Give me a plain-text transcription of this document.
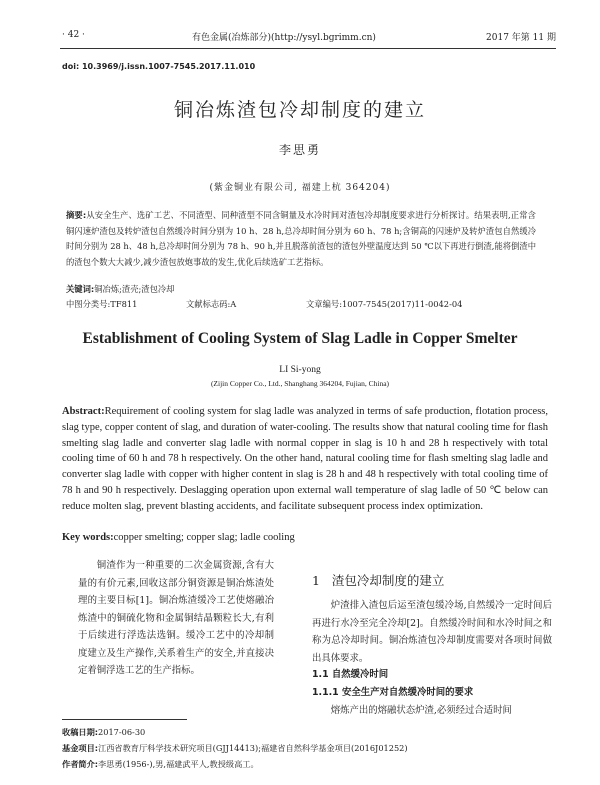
· 42 ·	有色金属(冶炼部分)(http://ysyl.bgrimm.cn)	2017 年第 11 期
doi: 10.3969/j.issn.1007-7545.2017.11.010
铜冶炼渣包冷却制度的建立
李思勇
(紫金铜业有限公司, 福建上杭 364204)
摘要:从安全生产、选矿工艺、不同渣型、同种渣型不同含铜量及水冷时间对渣包冷却制度要求进行分析探讨。结果表明,正常含铜闪速炉渣包及转炉渣包自然缓冷时间分别为 10 h、28 h,总冷却时间分别为 60 h、78 h;含铜高的闪速炉及转炉渣包自然缓冷时间分别为 28 h、48 h,总冷却时间分别为 78 h、90 h,并且脱落前渣包的渣包外壁温度达到 50 ℃以下再进行倒渣,能将倒渣中的渣包个数大大减少,减少渣包放炮事故的发生,优化后续选矿工艺指标。
关键词:铜冶炼;渣壳;渣包冷却
中图分类号:TF811	文献标志码:A	文章编号:1007-7545(2017)11-0042-04
Establishment of Cooling System of Slag Ladle in Copper Smelter
LI Si-yong
(Zijin Copper Co., Ltd., Shanghang 364204, Fujian, China)
Abstract:Requirement of cooling system for slag ladle was analyzed in terms of safe production, flotation process, slag type, copper content of slag, and duration of water-cooling. The results show that natural cooling time for flash smelting slag ladle and converter slag ladle with normal copper in slag is 10 h and 28 h respectively with total cooling time of 60 h and 78 h respectively. On the other hand, natural cooling time for flash smelting slag ladle and converter slag ladle with copper with higher content in slag is 28 h and 48 h respectively with total cooling time of 78 h and 90 h respectively. Deslagging operation upon external wall temperature of slag ladle of 50 ℃ below can reduce molten slag, prevent blasting accidents, and facilitate subsequent process index optimization.
Key words:copper smelting; copper slag; ladle cooling
铜渣作为一种重要的二次金属资源,含有大量的有价元素,回收这部分铜资源是铜冶炼渣处理的主要目标[1]。铜冶炼渣缓冷工艺使熔融冶炼渣中的铜硫化物和金属铜结晶颗粒长大,有利于后续进行浮选法选铜。缓冷工艺中的冷却制度建立及生产操作,关系着生产的安全,并直接决定着铜浮选工艺的生产指标。
1 渣包冷却制度的建立
炉渣排入渣包后运至渣包缓冷场,自然缓冷一定时间后再进行水冷至完全冷却[2]。自然缓冷时间和水冷时间之和称为总冷却时间。铜冶炼渣包冷却制度需要对各项时间做出具体要求。
1.1 自然缓冷时间
1.1.1 安全生产对自然缓冷时间的要求
熔炼产出的熔融状态炉渣,必须经过合适时间
收稿日期:2017-06-30
基金项目:江西省教育厅科学技术研究项目(GJJ14413);福建省自然科学基金项目(2016J01252)
作者简介:李思勇(1956-),男,福建武平人,教授级高工。
